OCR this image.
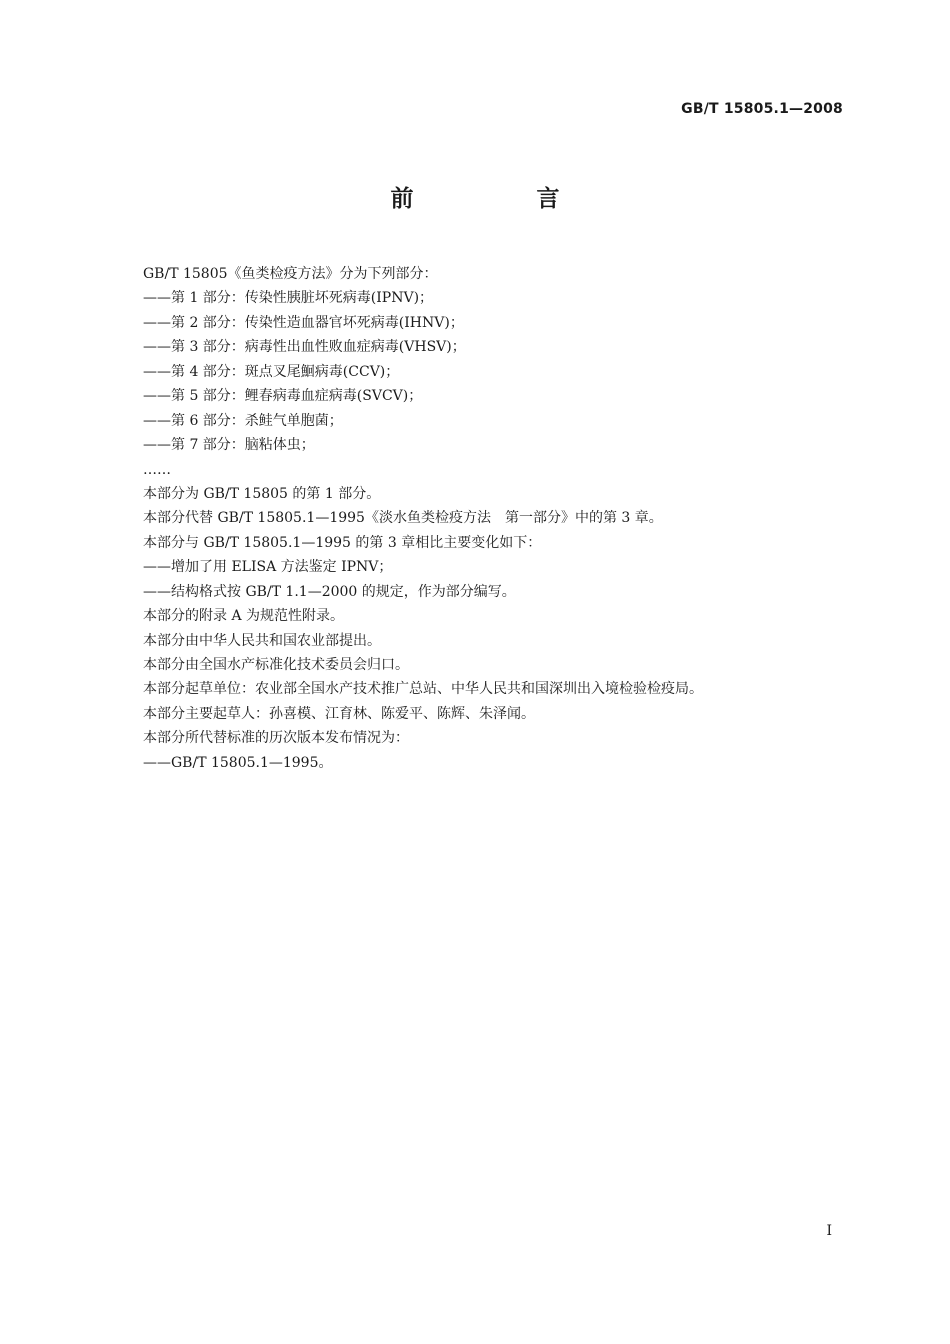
GB/T 15805.1—2008
前　言
GB/T 15805《鱼类检疫方法》分为下列部分：
——第 1 部分：传染性胰脏坏死病毒(IPNV)；
——第 2 部分：传染性造血器官坏死病毒(IHNV)；
——第 3 部分：病毒性出血性败血症病毒(VHSV)；
——第 4 部分：斑点叉尾鮰病毒(CCV)；
——第 5 部分：鲤春病毒血症病毒(SVCV)；
——第 6 部分：杀鲑气单胞菌；
——第 7 部分：脑粘体虫；
……
本部分为 GB/T 15805 的第 1 部分。
本部分代替 GB/T 15805.1—1995《淡水鱼类检疫方法　第一部分》中的第 3 章。
本部分与 GB/T 15805.1—1995 的第 3 章相比主要变化如下：
——增加了用 ELISA 方法鉴定 IPNV；
——结构格式按 GB/T 1.1—2000 的规定，作为部分编写。
本部分的附录 A 为规范性附录。
本部分由中华人民共和国农业部提出。
本部分由全国水产标准化技术委员会归口。
本部分起草单位：农业部全国水产技术推广总站、中华人民共和国深圳出入境检验检疫局。
本部分主要起草人：孙喜模、江育林、陈爱平、陈辉、朱泽闻。
本部分所代替标准的历次版本发布情况为：
——GB/T 15805.1—1995。
I
